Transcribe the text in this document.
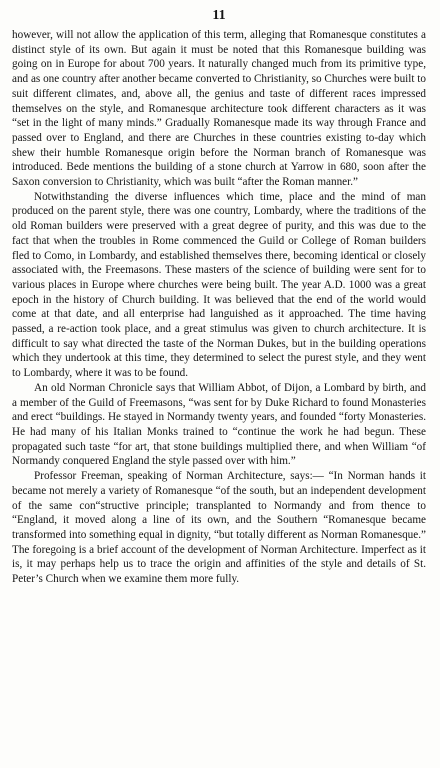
11

however, will not allow the application of this term, alleging that Romanesque constitutes a distinct style of its own. But again it must be noted that this Romanesque building was going on in Europe for about 700 years. It naturally changed much from its primitive type, and as one country after another became converted to Christianity, so Churches were built to suit different climates, and, above all, the genius and taste of different races impressed themselves on the style, and Romanesque architecture took different characters as it was “set in the light of many minds.” Gradually Romanesque made its way through France and passed over to England, and there are Churches in these countries existing to-day which shew their humble Romanesque origin before the Norman branch of Romanesque was introduced. Bede mentions the building of a stone church at Yarrow in 680, soon after the Saxon conversion to Christianity, which was built “after the Roman manner.”

Notwithstanding the diverse influences which time, place and the mind of man produced on the parent style, there was one country, Lombardy, where the traditions of the old Roman builders were preserved with a great degree of purity, and this was due to the fact that when the troubles in Rome commenced the Guild or College of Roman builders fled to Como, in Lombardy, and established themselves there, becoming identical or closely associated with, the Freemasons. These masters of the science of building were sent for to various places in Europe where churches were being built. The year A.D. 1000 was a great epoch in the history of Church building. It was believed that the end of the world would come at that date, and all enterprise had languished as it approached. The time having passed, a re-action took place, and a great stimulus was given to church architecture. It is difficult to say what directed the taste of the Norman Dukes, but in the building operations which they undertook at this time, they determined to select the purest style, and they went to Lombardy, where it was to be found.

An old Norman Chronicle says that William Abbot, of Dijon, a Lombard by birth, and a member of the Guild of Freemasons, “was sent for by Duke Richard to found Monasteries and erect “buildings. He stayed in Normandy twenty years, and founded “forty Monasteries. He had many of his Italian Monks trained to “continue the work he had begun. These propagated such taste “for art, that stone buildings multiplied there, and when William “of Normandy conquered England the style passed over with him.”

Professor Freeman, speaking of Norman Architecture, says:— “In Norman hands it became not merely a variety of Romanesque “of the south, but an independent development of the same con“structive principle; transplanted to Normandy and from thence to “England, it moved along a line of its own, and the Southern “Romanesque became transformed into something equal in dignity, “but totally different as Norman Romanesque.” The foregoing is a brief account of the development of Norman Architecture. Imperfect as it is, it may perhaps help us to trace the origin and affinities of the style and details of St. Peter’s Church when we examine them more fully.
